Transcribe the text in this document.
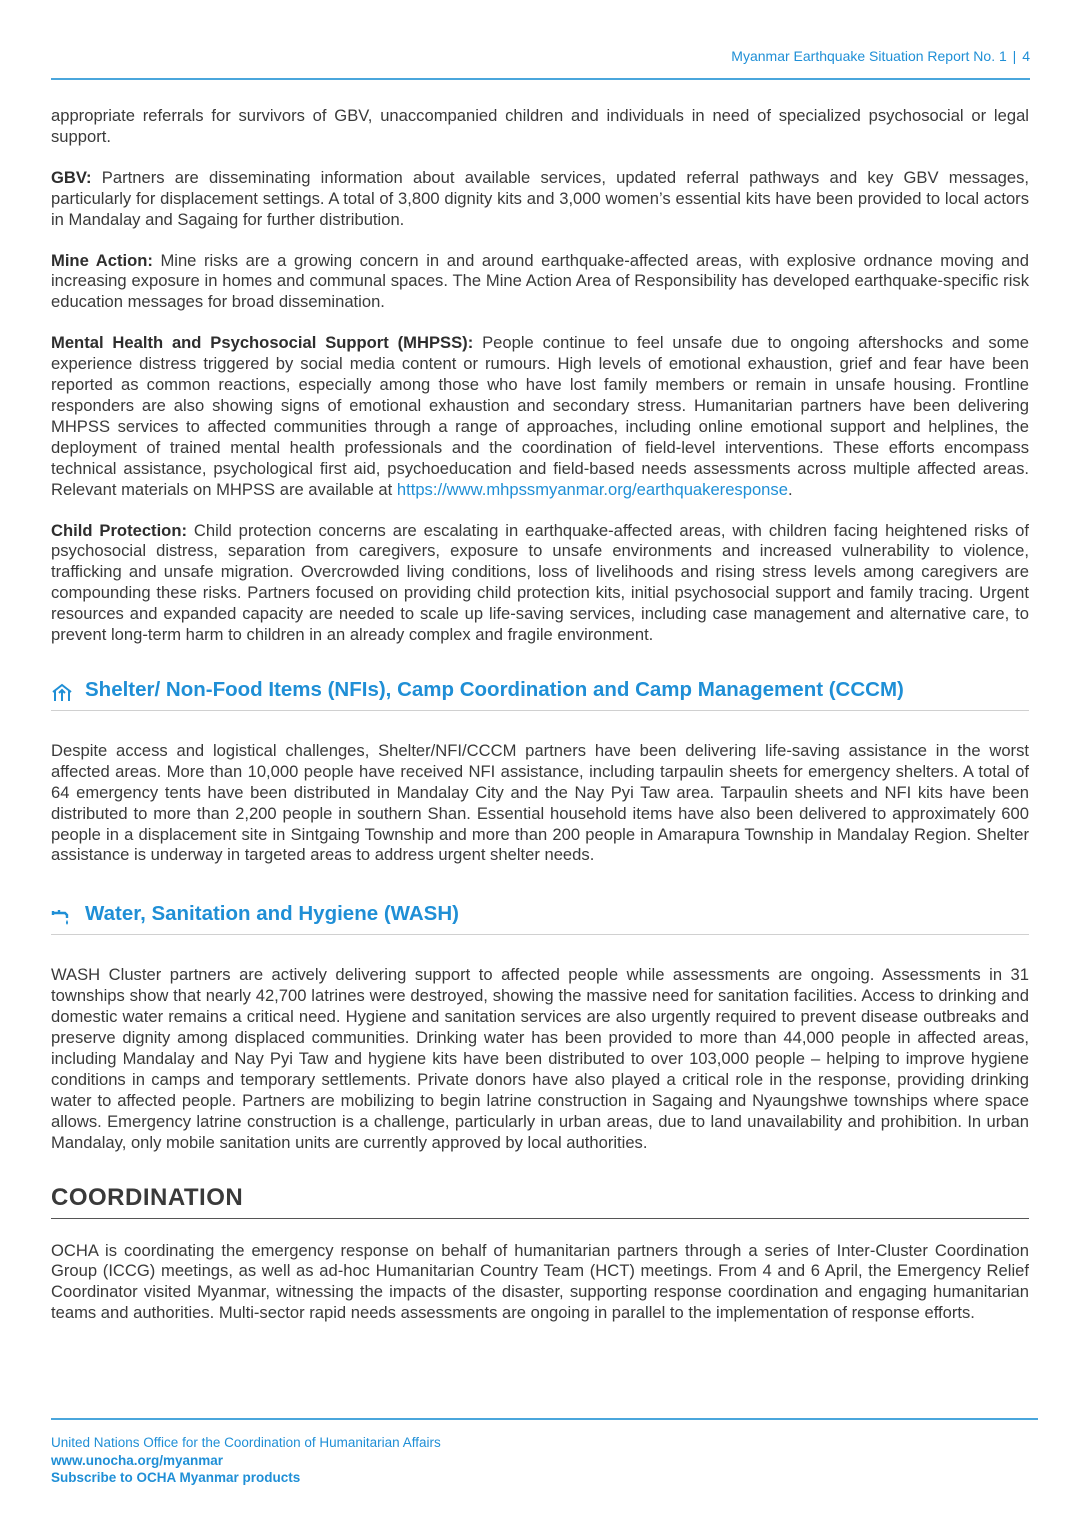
Myanmar Earthquake Situation Report No. 1 | 4

appropriate referrals for survivors of GBV, unaccompanied children and individuals in need of specialized psychosocial or legal support.

GBV: Partners are disseminating information about available services, updated referral pathways and key GBV messages, particularly for displacement settings. A total of 3,800 dignity kits and 3,000 women’s essential kits have been provided to local actors in Mandalay and Sagaing for further distribution.

Mine Action: Mine risks are a growing concern in and around earthquake-affected areas, with explosive ordnance moving and increasing exposure in homes and communal spaces. The Mine Action Area of Responsibility has developed earthquake-specific risk education messages for broad dissemination.

Mental Health and Psychosocial Support (MHPSS): People continue to feel unsafe due to ongoing aftershocks and some experience distress triggered by social media content or rumours. High levels of emotional exhaustion, grief and fear have been reported as common reactions, especially among those who have lost family members or remain in unsafe housing. Frontline responders are also showing signs of emotional exhaustion and secondary stress. Humanitarian partners have been delivering MHPSS services to affected communities through a range of approaches, including online emotional support and helplines, the deployment of trained mental health professionals and the coordination of field-level interventions. These efforts encompass technical assistance, psychological first aid, psychoeducation and field-based needs assessments across multiple affected areas. Relevant materials on MHPSS are available at https://www.mhpssmyanmar.org/earthquakeresponse.

Child Protection: Child protection concerns are escalating in earthquake-affected areas, with children facing heightened risks of psychosocial distress, separation from caregivers, exposure to unsafe environments and increased vulnerability to violence, trafficking and unsafe migration. Overcrowded living conditions, loss of livelihoods and rising stress levels among caregivers are compounding these risks. Partners focused on providing child protection kits, initial psychosocial support and family tracing. Urgent resources and expanded capacity are needed to scale up life-saving services, including case management and alternative care, to prevent long-term harm to children in an already complex and fragile environment.

Shelter/ Non-Food Items (NFIs), Camp Coordination and Camp Management (CCCM)

Despite access and logistical challenges, Shelter/NFI/CCCM partners have been delivering life-saving assistance in the worst affected areas. More than 10,000 people have received NFI assistance, including tarpaulin sheets for emergency shelters. A total of 64 emergency tents have been distributed in Mandalay City and the Nay Pyi Taw area. Tarpaulin sheets and NFI kits have been distributed to more than 2,200 people in southern Shan. Essential household items have also been delivered to approximately 600 people in a displacement site in Sintgaing Township and more than 200 people in Amarapura Township in Mandalay Region. Shelter assistance is underway in targeted areas to address urgent shelter needs.

Water, Sanitation and Hygiene (WASH)

WASH Cluster partners are actively delivering support to affected people while assessments are ongoing. Assessments in 31 townships show that nearly 42,700 latrines were destroyed, showing the massive need for sanitation facilities. Access to drinking and domestic water remains a critical need. Hygiene and sanitation services are also urgently required to prevent disease outbreaks and preserve dignity among displaced communities. Drinking water has been provided to more than 44,000 people in affected areas, including Mandalay and Nay Pyi Taw and hygiene kits have been distributed to over 103,000 people – helping to improve hygiene conditions in camps and temporary settlements. Private donors have also played a critical role in the response, providing drinking water to affected people. Partners are mobilizing to begin latrine construction in Sagaing and Nyaungshwe townships where space allows. Emergency latrine construction is a challenge, particularly in urban areas, due to land unavailability and prohibition. In urban Mandalay, only mobile sanitation units are currently approved by local authorities.

COORDINATION

OCHA is coordinating the emergency response on behalf of humanitarian partners through a series of Inter-Cluster Coordination Group (ICCG) meetings, as well as ad-hoc Humanitarian Country Team (HCT) meetings. From 4 and 6 April, the Emergency Relief Coordinator visited Myanmar, witnessing the impacts of the disaster, supporting response coordination and engaging humanitarian teams and authorities. Multi-sector rapid needs assessments are ongoing in parallel to the implementation of response efforts.

United Nations Office for the Coordination of Humanitarian Affairs
www.unocha.org/myanmar
Subscribe to OCHA Myanmar products
